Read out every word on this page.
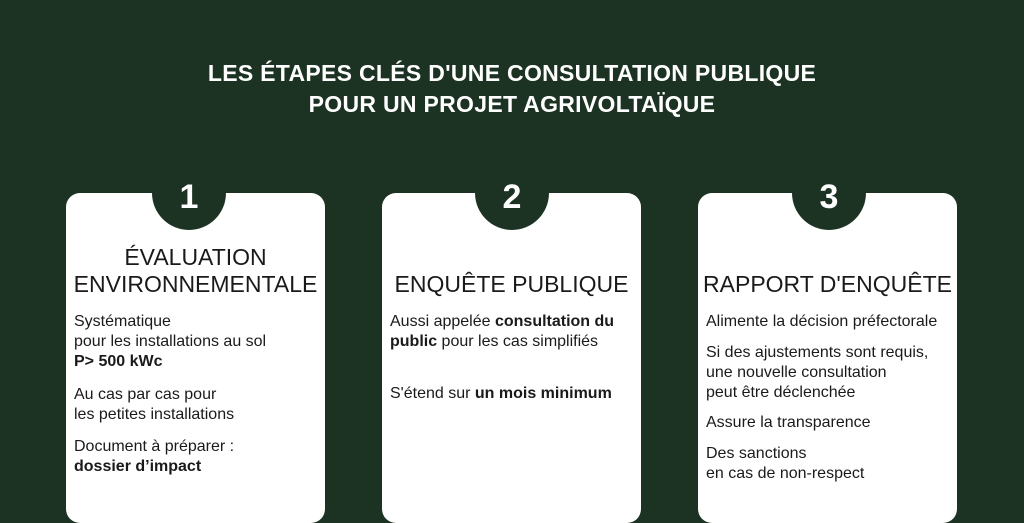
LES ÉTAPES CLÉS D'UNE CONSULTATION PUBLIQUE
POUR UN PROJET AGRIVOLTAÏQUE
ÉVALUATION
ENVIRONNEMENTALE
Systématique
pour les installations au sol
P> 500 kWc
Au cas par cas pour
les petites installations
Document à préparer :
dossier d’impact
1
ENQUÊTE PUBLIQUE
Aussi appelée consultation du
public pour les cas simplifiés
S'étend sur un mois minimum
2
RAPPORT D'ENQUÊTE
Alimente la décision préfectorale
Si des ajustements sont requis,
une nouvelle consultation
peut être déclenchée
Assure la transparence
Des sanctions
en cas de non-respect
3
